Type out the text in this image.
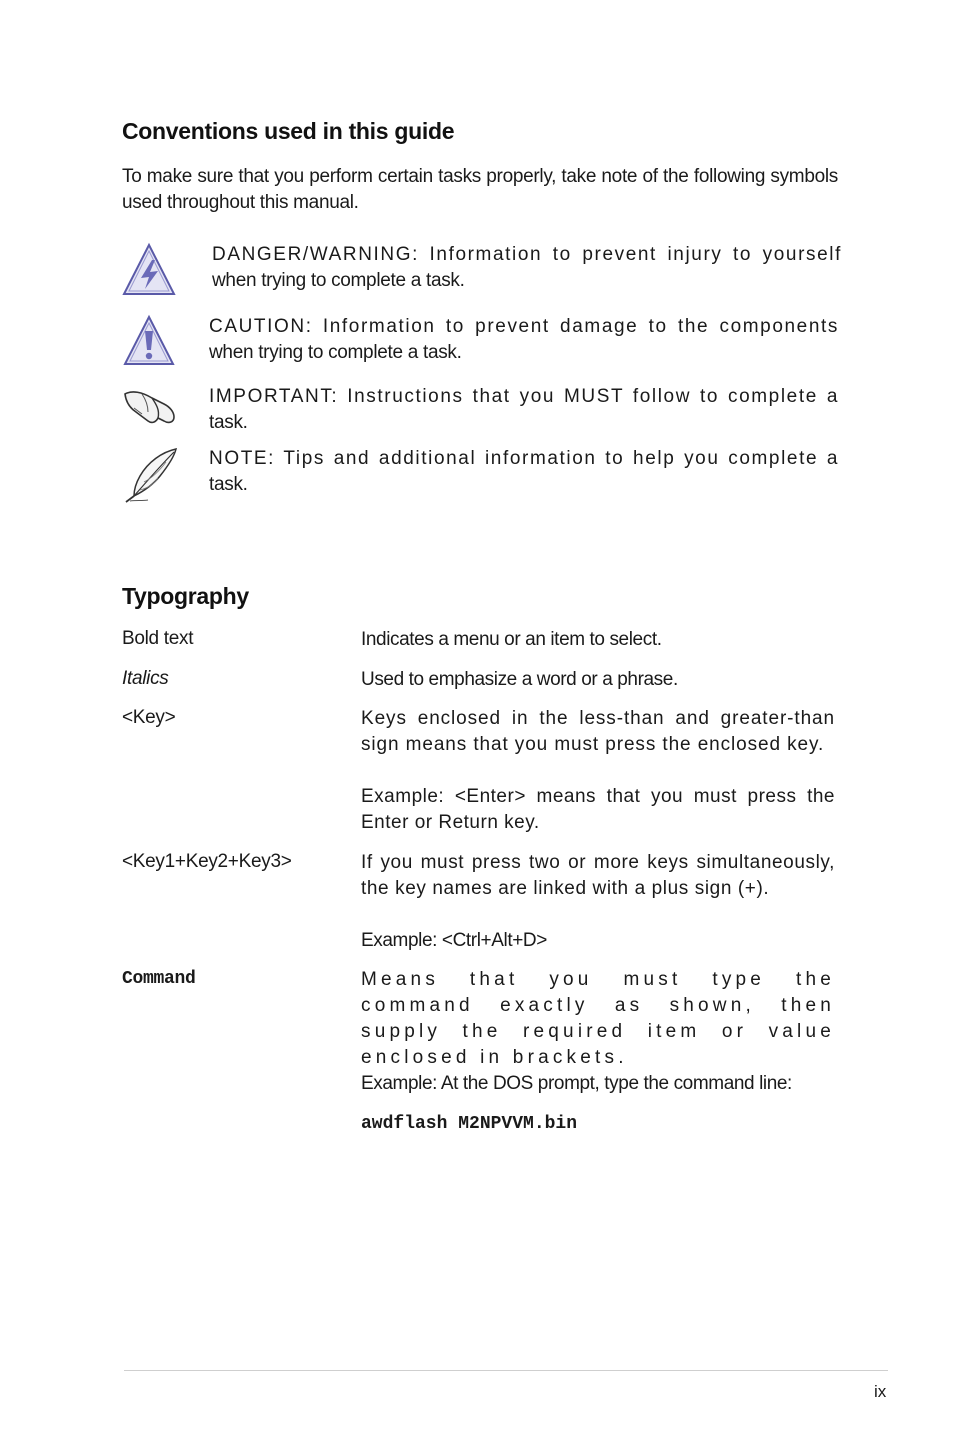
Conventions used in this guide
To make sure that you perform certain tasks properly, take note of the following symbols used throughout this manual.
DANGER/WARNING: Information to prevent injury to yourself when trying to complete a task.
CAUTION: Information to prevent damage to the components when trying to complete a task.
IMPORTANT: Instructions that you MUST follow to complete a task.
NOTE: Tips and additional information to help you complete a task.
Typography
Bold text	Indicates a menu or an item to select.
Italics	Used to emphasize a word or a phrase.
<Key>	Keys enclosed in the less-than and greater-than sign means that you must press the enclosed key.
Example: <Enter> means that you must press the Enter or Return key.
<Key1+Key2+Key3>	If you must press two or more keys simultaneously, the key names are linked with a plus sign (+).
Example: <Ctrl+Alt+D>
Command	Means that you must type the command exactly as shown, then supply the required item or value enclosed in brackets.
Example: At the DOS prompt, type the command line:
awdflash M2NPVVM.bin
ix
